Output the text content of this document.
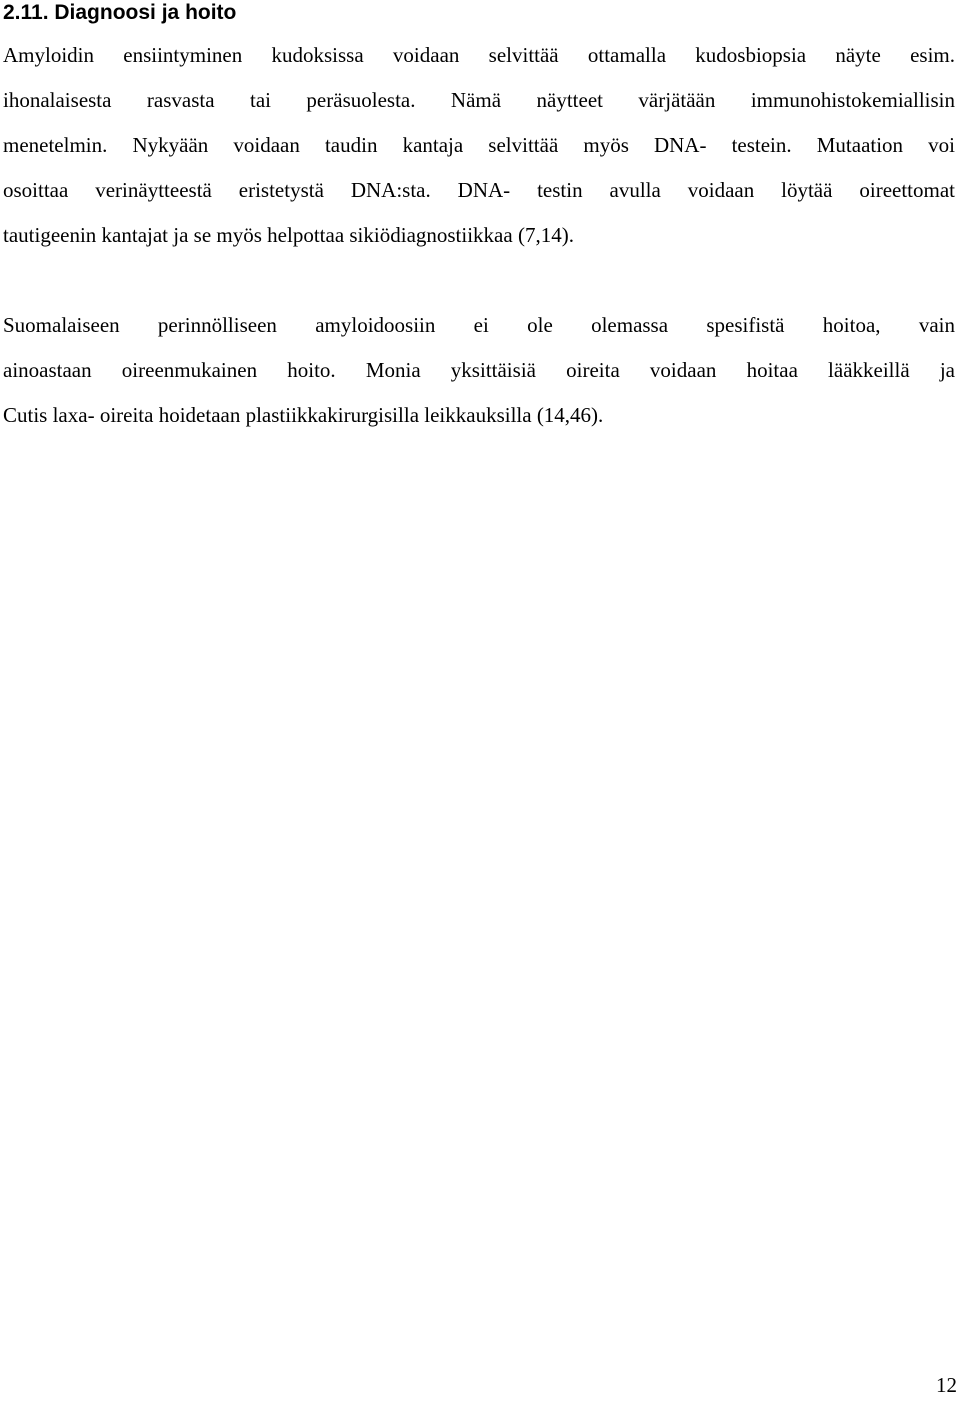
2.11. Diagnoosi ja hoito
Amyloidin ensiintyminen kudoksissa voidaan selvittää ottamalla kudosbiopsia näyte esim.
ihonalaisesta rasvasta tai peräsuolesta. Nämä näytteet värjätään immunohistokemiallisin
menetelmin. Nykyään voidaan taudin kantaja selvittää myös DNA- testein. Mutaation voi
osoittaa verinäytteestä eristetystä DNA:sta. DNA- testin avulla voidaan löytää oireettomat
tautigeenin kantajat ja se myös helpottaa sikiödiagnostiikkaa (7,14).
Suomalaiseen perinnölliseen amyloidoosiin ei ole olemassa spesifistä hoitoa, vain
ainoastaan oireenmukainen hoito. Monia yksittäisiä oireita voidaan hoitaa lääkkeillä ja
Cutis laxa- oireita hoidetaan plastiikkakirurgisilla leikkauksilla (14,46).
12
